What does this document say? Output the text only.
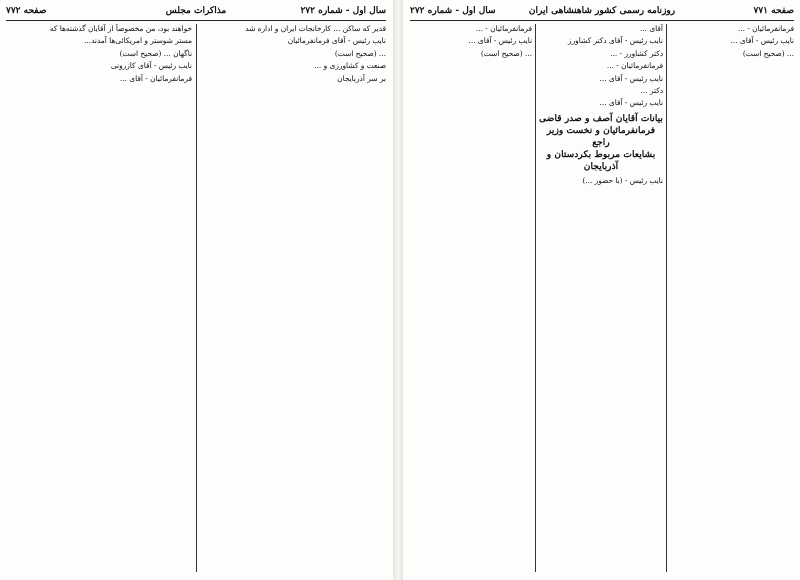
سال اول - شماره ۲۷۲
مذاکرات مجلس
صفحه ۷۷۲

خواهند بود، من مخصوصاً از آقایان گذشته‌ها که

مستر شوستر و امریکائی‌ها آمدند...

ناگهان ... (صحیح است)

نایب رئیس - آقای کازرونی

فرمانفرمائیان - آقای ...

قدیر که ساکن ... کارخانجات ایران و اداره شد

نایب رئیس - آقای فرمانفرمائیان

... (صحیح است)

صنعت و کشاورزی و ...

بر سر آذربایجان

صفحه ۷۷۱
روزنامه رسمی کشور شاهنشاهی ایران
سال اول - شماره ۲۷۲

فرمانفرمائیان - ...

نایب رئیس - آقای ...

... (صحیح است)

آقای ...

نایب رئیس - آقای دکتر کشاورز

دکتر کشاورز - ...

فرمانفرمائیان - ...

نایب رئیس - آقای ...

دکتر ...

نایب رئیس - آقای ...

بیانات آقایان آصف و صدر قاضی
فرمانفرمائیان و نخست وزیر راجع
بشایعات مربوط بکردستان و آذربایجان

نایب رئیس - (با حضور ...)

فرمانفرمائیان - ...

نایب رئیس - آقای ...

... (صحیح است)
